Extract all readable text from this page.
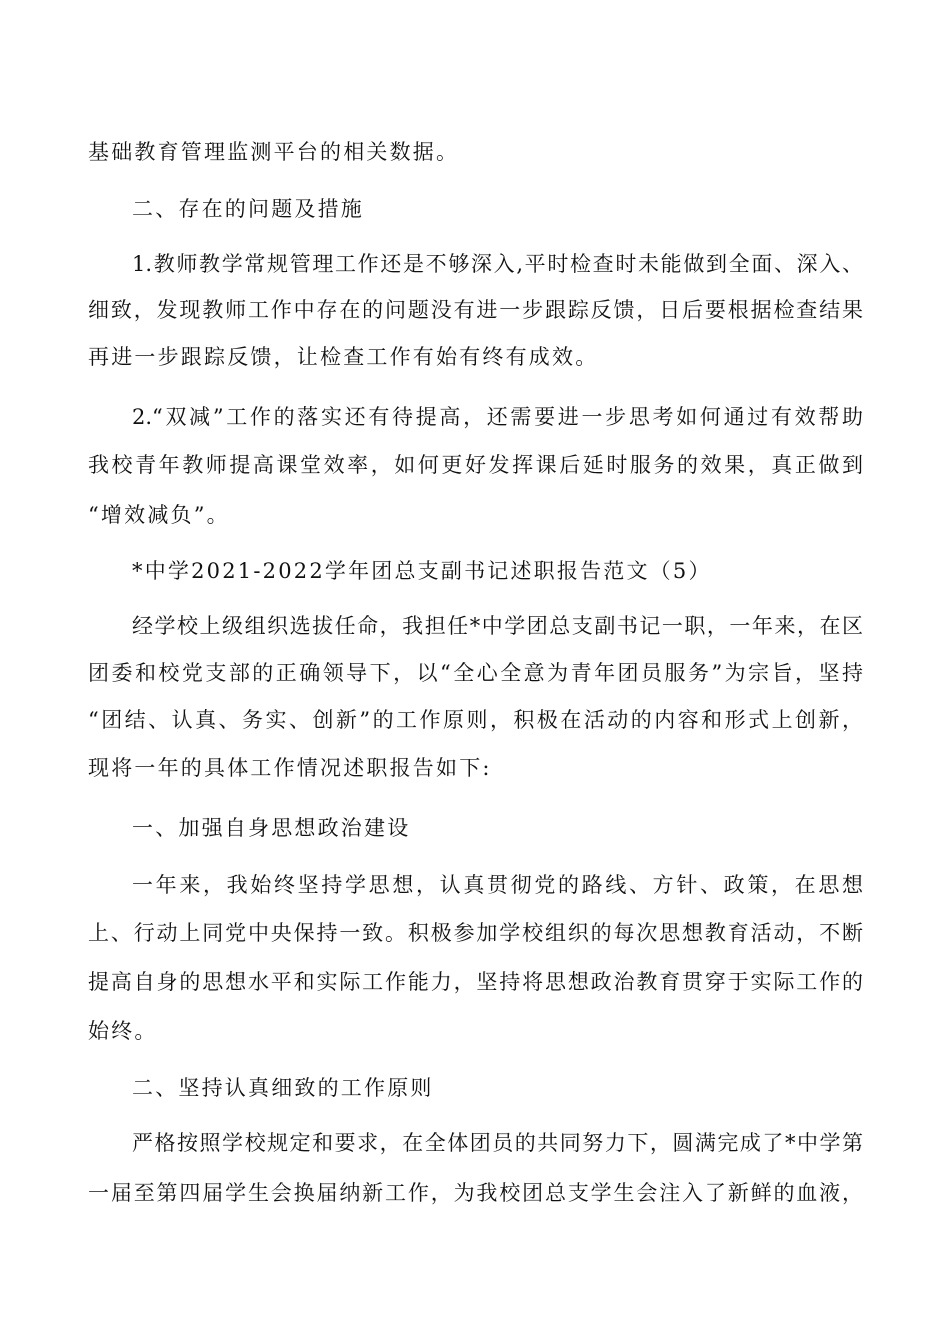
基础教育管理监测平台的相关数据。

二、存在的问题及措施

1.教师教学常规管理工作还是不够深入,平时检查时未能做到全面、深入、

细致，发现教师工作中存在的问题没有进一步跟踪反馈，日后要根据检查结果

再进一步跟踪反馈，让检查工作有始有终有成效。

2.“双减”工作的落实还有待提高，还需要进一步思考如何通过有效帮助

我校青年教师提高课堂效率，如何更好发挥课后延时服务的效果，真正做到

“增效减负”。

*中学2021-2022学年团总支副书记述职报告范文（5）

经学校上级组织选拔任命，我担任*中学团总支副书记一职，一年来，在区

团委和校党支部的正确领导下，以“全心全意为青年团员服务”为宗旨，坚持

“团结、认真、务实、创新”的工作原则，积极在活动的内容和形式上创新，

现将一年的具体工作情况述职报告如下:

一、加强自身思想政治建设

一年来，我始终坚持学思想，认真贯彻党的路线、方针、政策，在思想

上、行动上同党中央保持一致。积极参加学校组织的每次思想教育活动，不断

提高自身的思想水平和实际工作能力，坚持将思想政治教育贯穿于实际工作的

始终。

二、坚持认真细致的工作原则

严格按照学校规定和要求，在全体团员的共同努力下，圆满完成了*中学第

一届至第四届学生会换届纳新工作，为我校团总支学生会注入了新鲜的血液，
